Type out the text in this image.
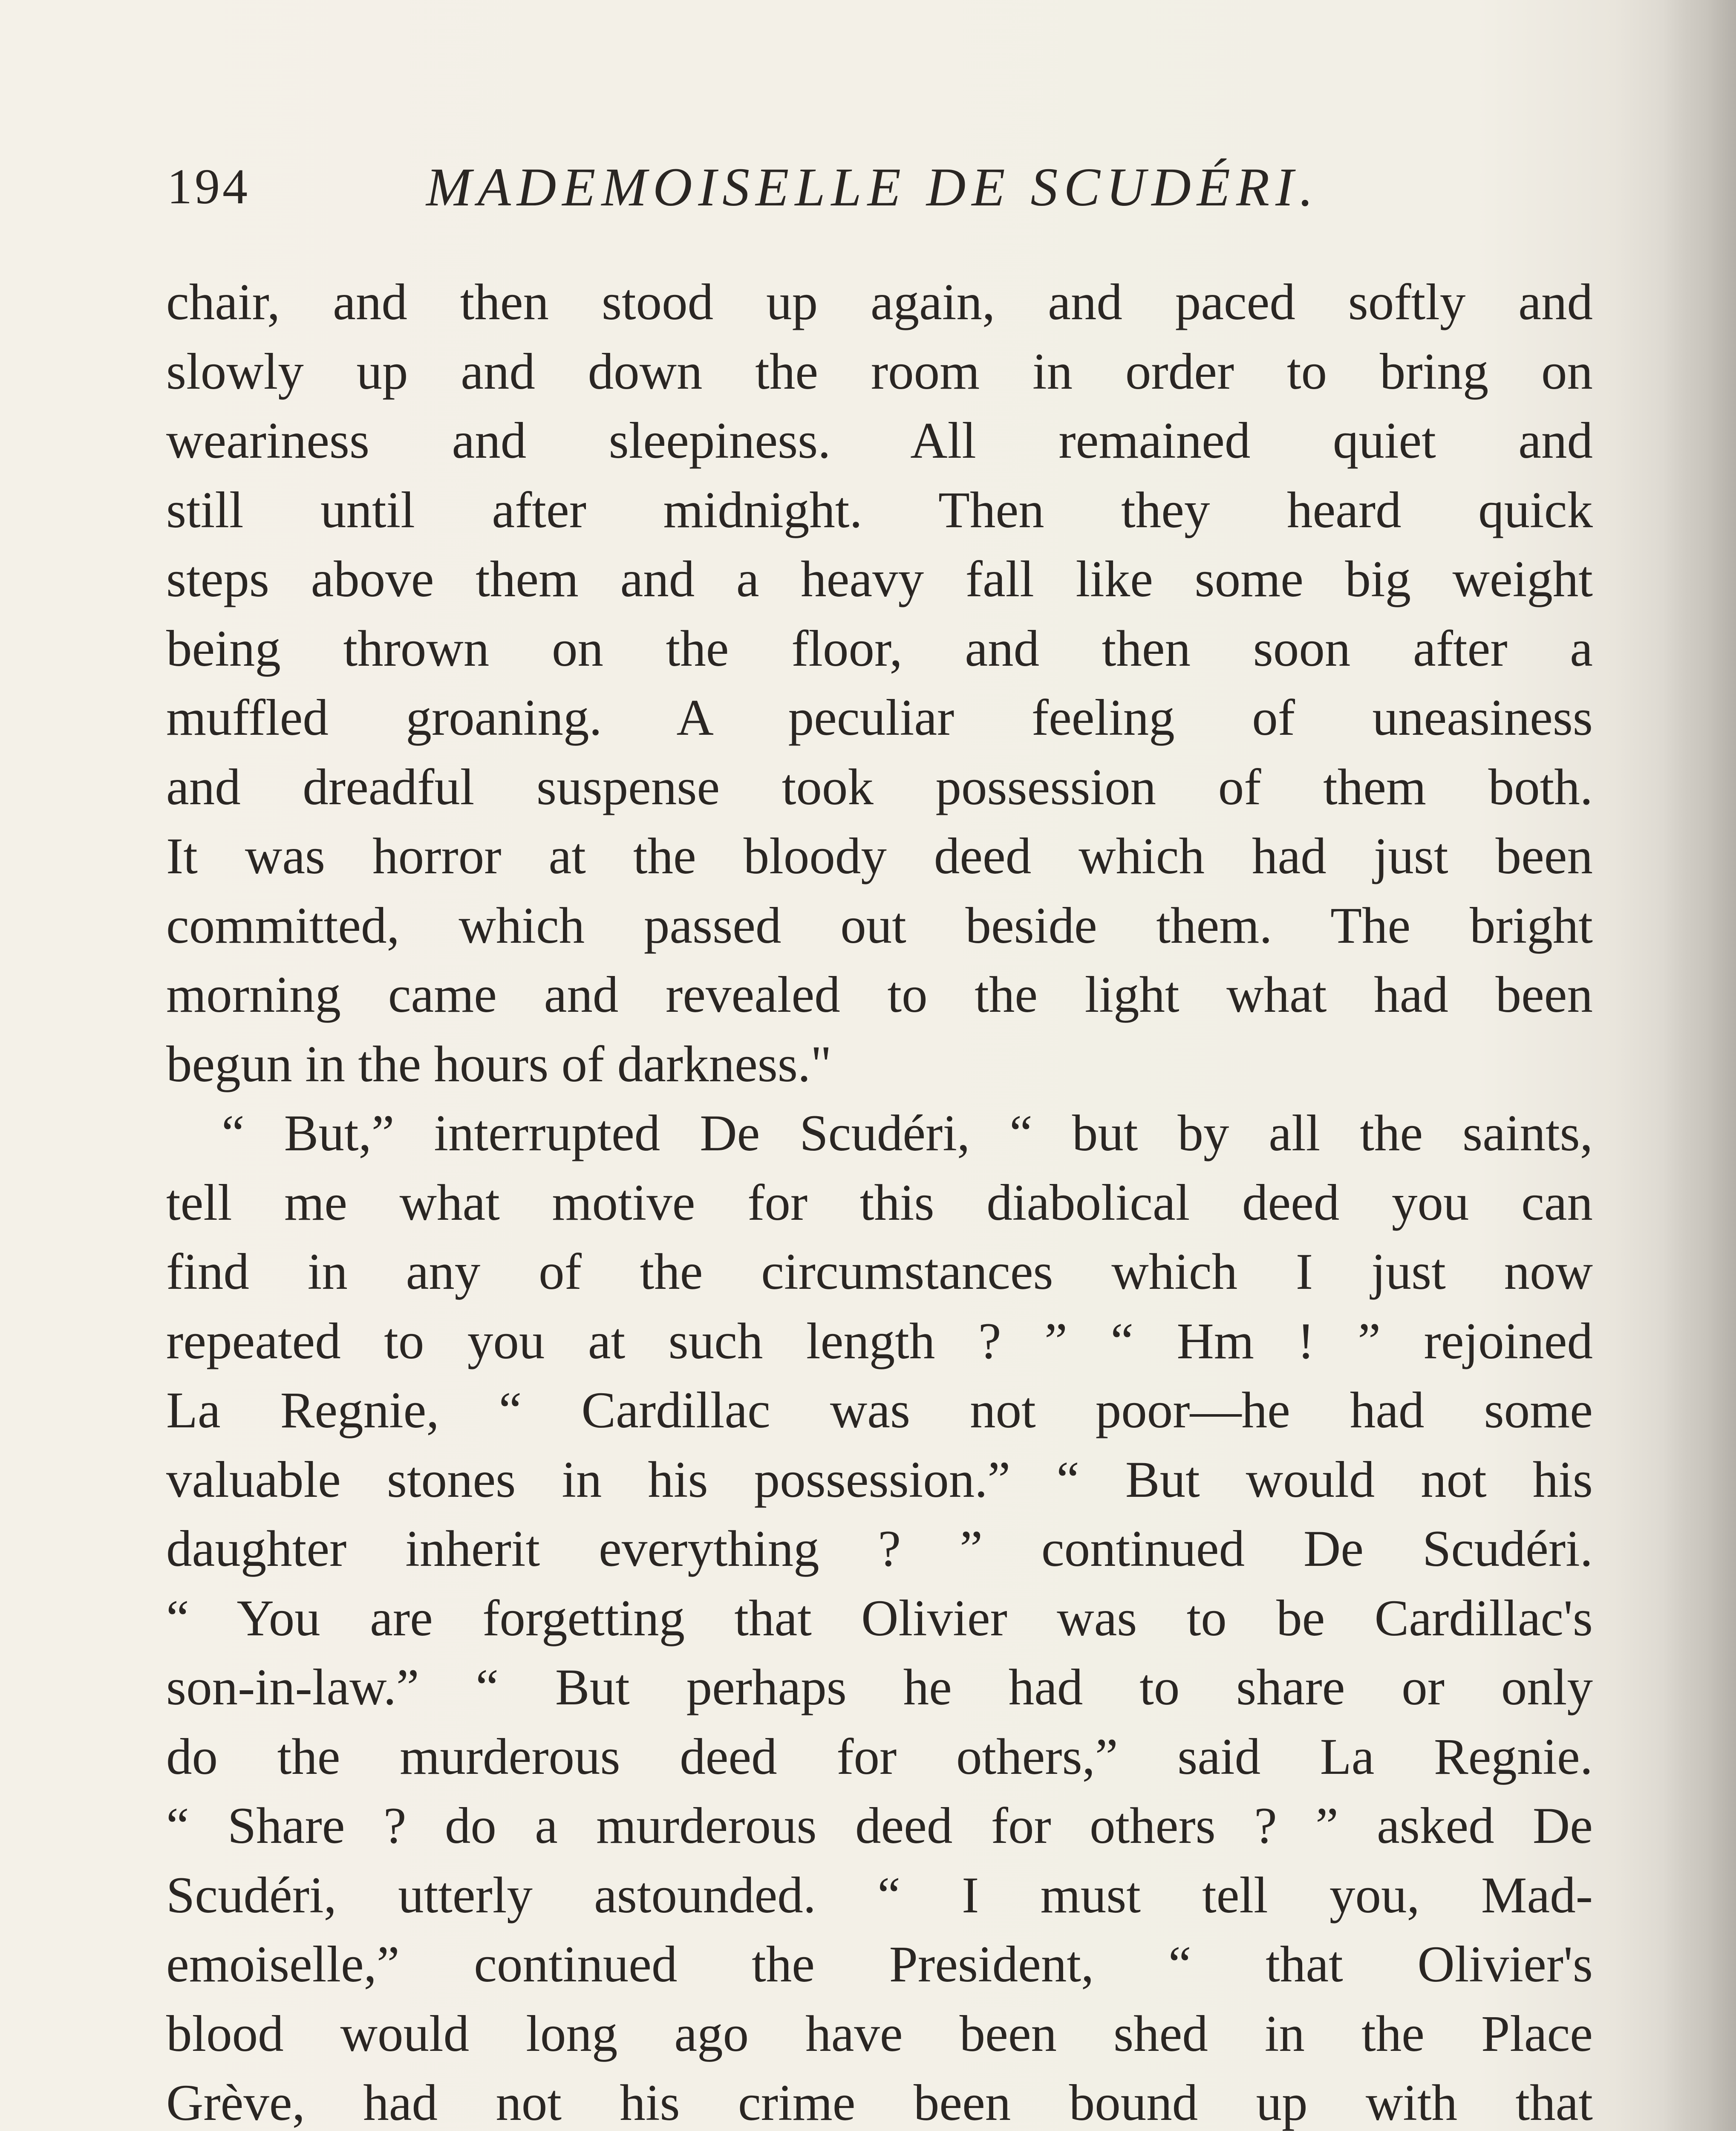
194	MADEMOISELLE DE SCUDÉRI.
chair, and then stood up again, and paced softly and
slowly up and down the room in order to bring on
weariness and sleepiness. All remained quiet and
still until after midnight. Then they heard quick
steps above them and a heavy fall like some big weight
being thrown on the floor, and then soon after a
muffled groaning. A peculiar feeling of uneasiness
and dreadful suspense took possession of them both.
It was horror at the bloody deed which had just been
committed, which passed out beside them. The bright
morning came and revealed to the light what had been
begun in the hours of darkness."
“ But,” interrupted De Scudéri, “ but by all the saints,
tell me what motive for this diabolical deed you can
find in any of the circumstances which I just now
repeated to you at such length ? ” “ Hm ! ” rejoined
La Regnie, “ Cardillac was not poor—he had some
valuable stones in his possession.” “ But would not his
daughter inherit everything ? ” continued De Scudéri.
“ You are forgetting that Olivier was to be Cardillac's
son-in-law.” “ But perhaps he had to share or only
do the murderous deed for others,” said La Regnie.
“ Share ? do a murderous deed for others ? ” asked De
Scudéri, utterly astounded. “ I must tell you, Mad-
emoiselle,” continued the President, “ that Olivier's
blood would long ago have been shed in the Place
Grève, had not his crime been bound up with that
